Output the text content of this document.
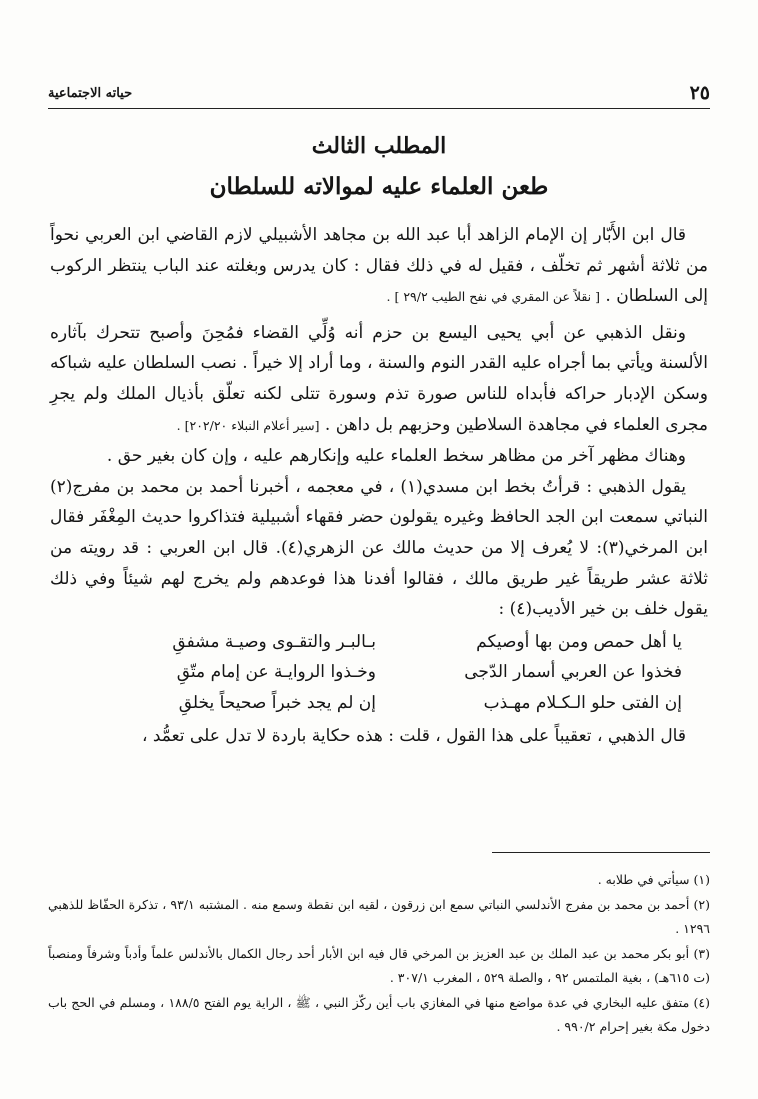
٢٥
حياته الاجتماعية
المطلب الثالث
طعن العلماء عليه لموالاته للسلطان

قال ابن الأَبّار إن الإمام الزاهد أبا عبد الله بن مجاهد الأشبيلي لازم القاضي ابن العربي نحواً من ثلاثة أشهر ثم تخلّف ، فقيل له في ذلك فقال : كان يدرس وبغلته عند الباب ينتظر الركوب إلى السلطان . [ نقلاً عن المقري في نفح الطيب ٢٩/٢ ] .

ونقل الذهبي عن أبي يحيى اليسع بن حزم أنه وُلِّي القضاء فمُحِنَ وأصبح تتحرك بآثاره الألسنة ويأتي بما أجراه عليه القدر النوم والسنة ، وما أراد إلا خيراً . نصب السلطان عليه شباكه وسكن الإدبار حراكه فأبداه للناس صورة تذم وسورة تتلى لكنه تعلّق بأذيال الملك ولم يجرِ مجرى العلماء في مجاهدة السلاطين وحزبهم بل داهن . [سير أعلام النبلاء ٢٠٢/٢٠] .

وهناك مظهر آخر من مظاهر سخط العلماء عليه وإنكارهم عليه ، وإن كان بغير حق .

يقول الذهبي : قرأتُ بخط ابن مسدي(١) ، في معجمه ، أخبرنا أحمد بن محمد بن مفرج(٢) النباتي سمعت ابن الجد الحافظ وغيره يقولون حضر فقهاء أشبيلية فتذاكروا حديث المِغْفَر فقال ابن المرخي(٣): لا يُعرف إلا من حديث مالك عن الزهري(٤). قال ابن العربي : قد رويته من ثلاثة عشر طريقاً غير طريق مالك ، فقالوا أفدنا هذا فوعدهم ولم يخرج لهم شيئاً وفي ذلك يقول خلف بن خير الأديب(٤) :

يا أهل حمص ومن بها أوصيكم
بـالبـر والتقـوى وصيـة مشفقِ
فخذوا عن العربي أسمار الدّجى
وخـذوا الروايـة عن إمام متّقِ
إن الفتى حلو الـكـلام مهـذب
إن لم يجد خبراً صحيحاً يخلقِ

قال الذهبي ، تعقيباً على هذا القول ، قلت : هذه حكاية باردة لا تدل على تعمُّد ،

(١) سيأتي في طلابه .
(٢) أحمد بن محمد بن مفرج الأندلسي النباتي سمع ابن زرقون ، لقيه ابن نقطة وسمع منه . المشتبه ٩٣/١ ، تذكرة الحفّاظ للذهبي ١٢٩٦ .
(٣) أبو بكر محمد بن عبد الملك بن عبد العزيز بن المرخي قال فيه ابن الأبار أحد رجال الكمال بالأندلس علماً وأدباً وشرفاً ومنصباً (ت ٦١٥هـ) ، بغية الملتمس ٩٢ ، والصلة ٥٢٩ ، المغرب ٣٠٧/١ .
(٤) متفق عليه البخاري في عدة مواضع منها في المغازي باب أين ركّز النبي ، ﷺ ، الراية يوم الفتح ١٨٨/٥ ، ومسلم في الحج باب دخول مكة بغير إحرام ٩٩٠/٢ .
